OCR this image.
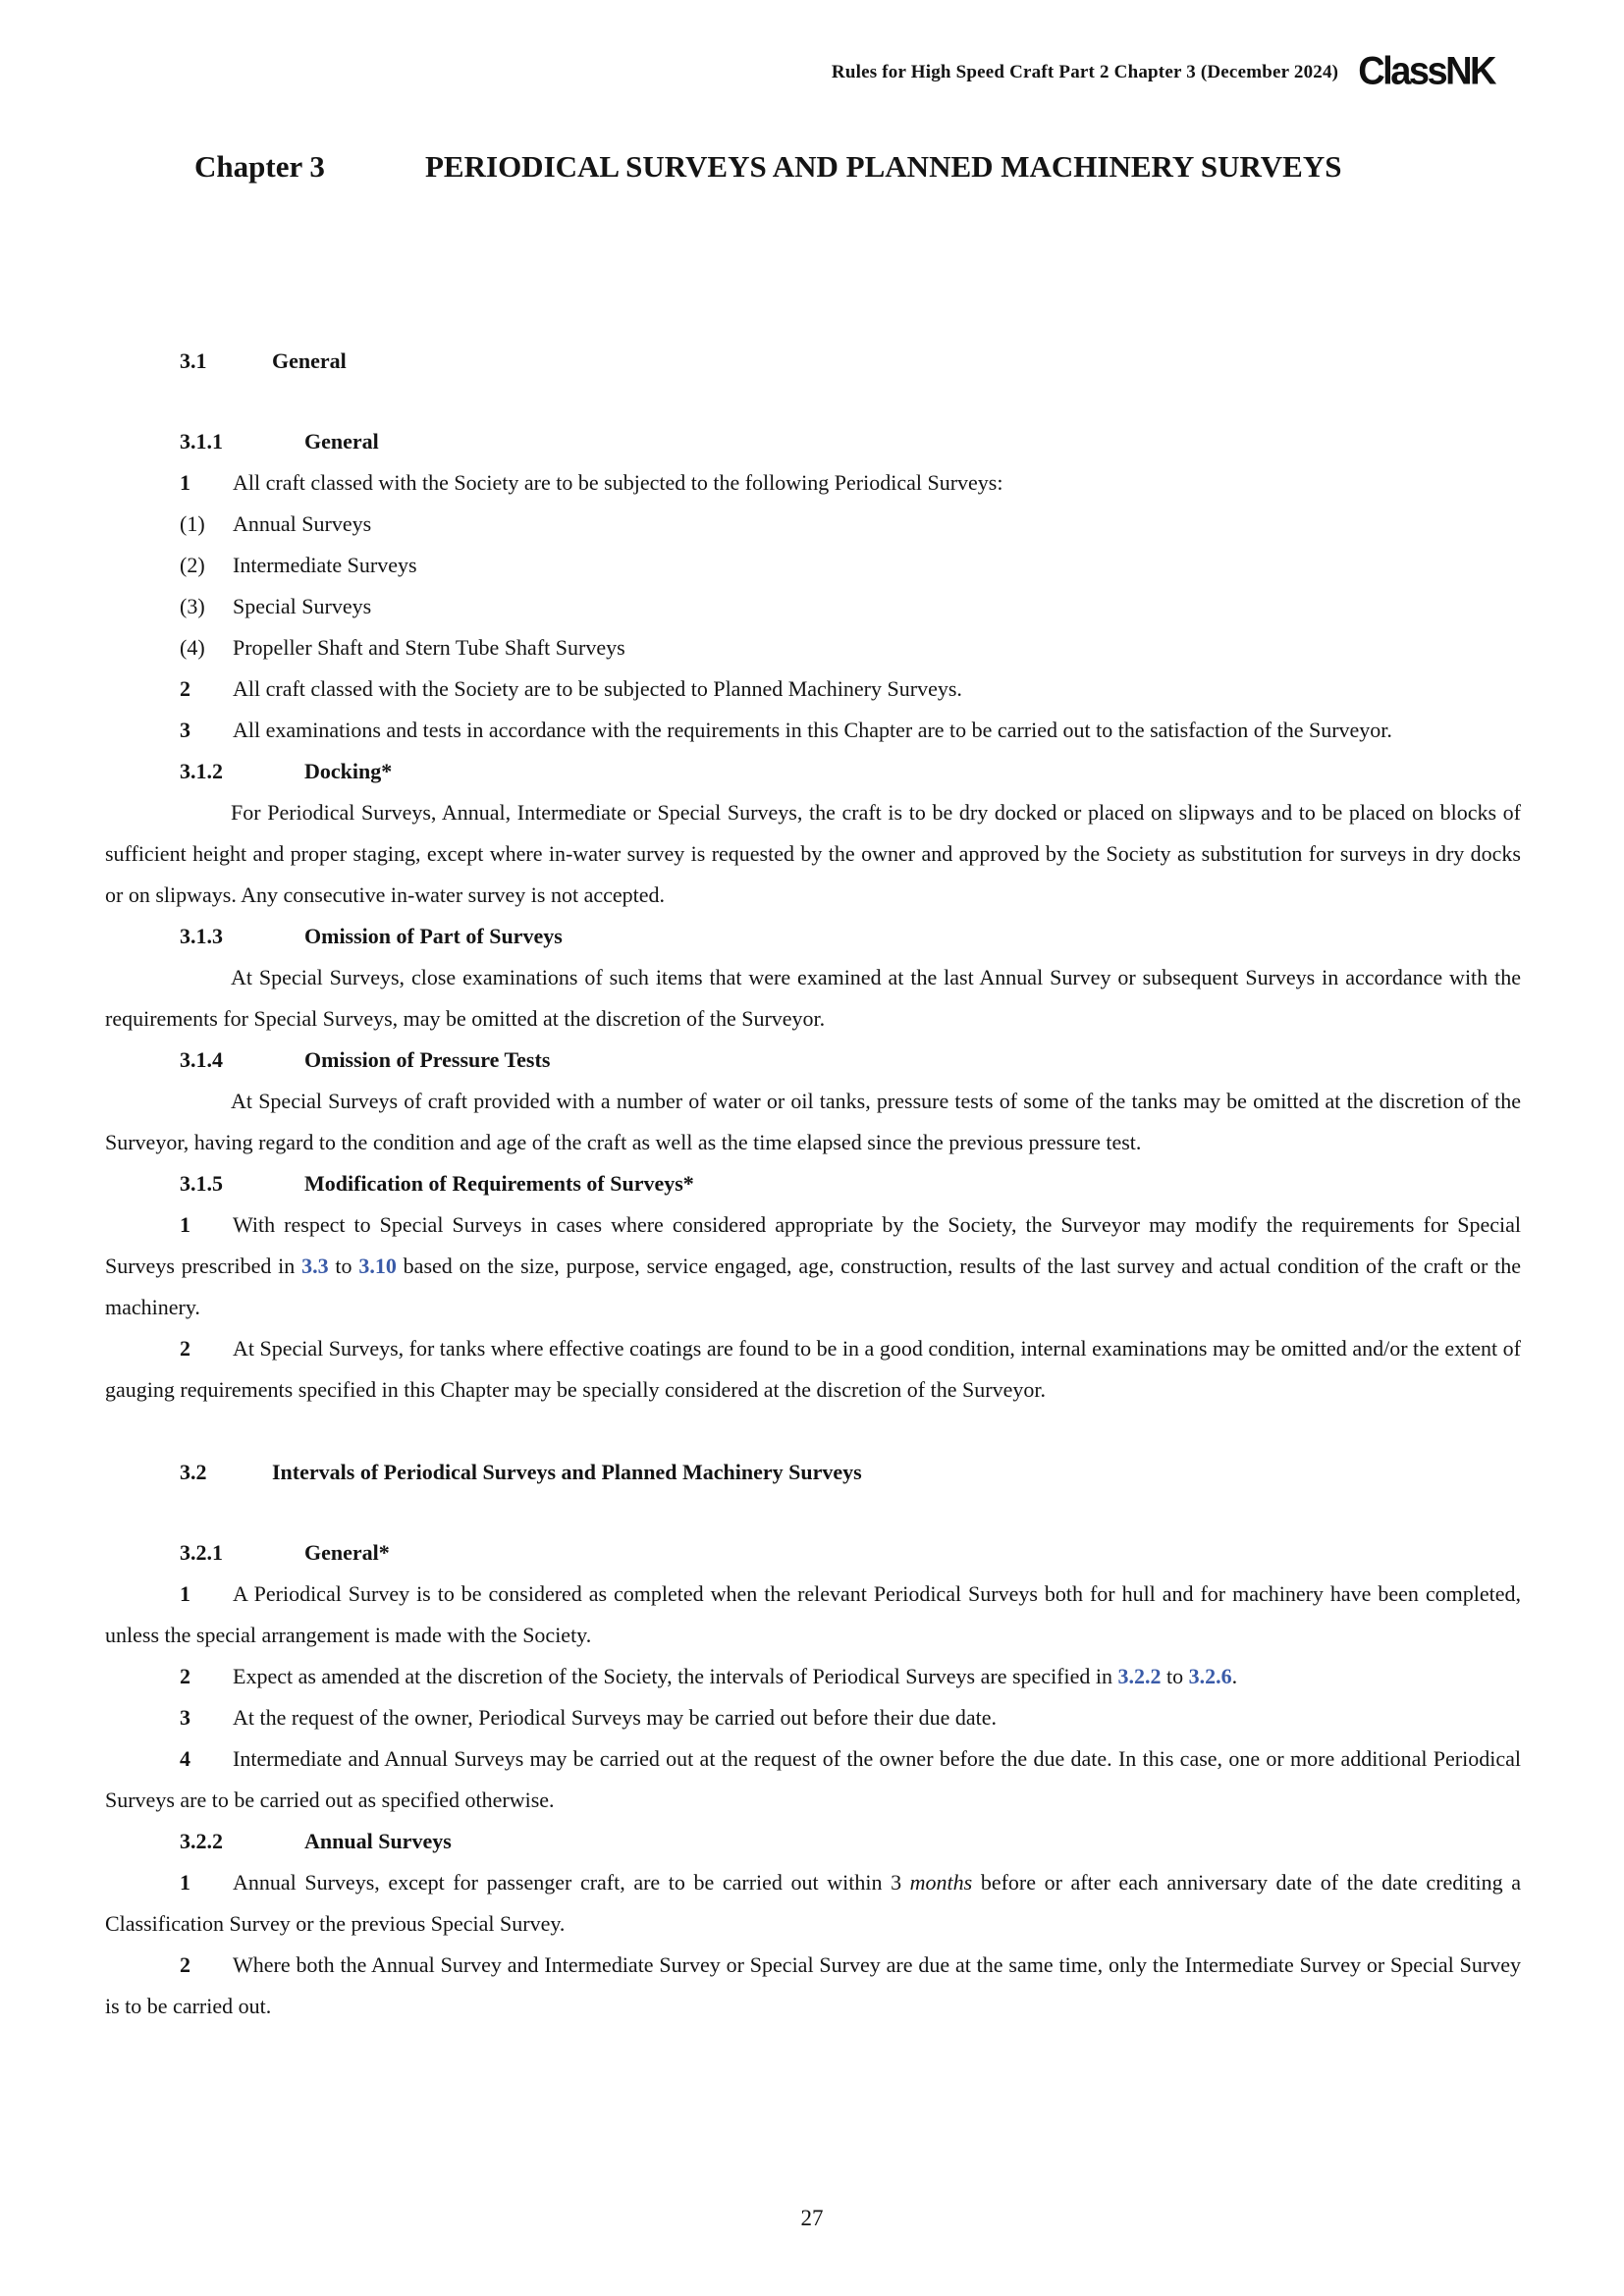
Rules for High Speed Craft Part 2 Chapter 3 (December 2024) ClassNK
Chapter 3	PERIODICAL SURVEYS AND PLANNED MACHINERY SURVEYS
3.1	General
3.1.1	General

1 All craft classed with the Society are to be subjected to the following Periodical Surveys:

(1) Annual Surveys

(2) Intermediate Surveys

(3) Special Surveys

(4) Propeller Shaft and Stern Tube Shaft Surveys

2 All craft classed with the Society are to be subjected to Planned Machinery Surveys.

3 All examinations and tests in accordance with the requirements in this Chapter are to be carried out to the satisfaction of the Surveyor.

3.1.2	Docking*

For Periodical Surveys, Annual, Intermediate or Special Surveys, the craft is to be dry docked or placed on slipways and to be placed on blocks of sufficient height and proper staging, except where in-water survey is requested by the owner and approved by the Society as substitution for surveys in dry docks or on slipways. Any consecutive in-water survey is not accepted.

3.1.3	Omission of Part of Surveys

At Special Surveys, close examinations of such items that were examined at the last Annual Survey or subsequent Surveys in accordance with the requirements for Special Surveys, may be omitted at the discretion of the Surveyor.

3.1.4	Omission of Pressure Tests

At Special Surveys of craft provided with a number of water or oil tanks, pressure tests of some of the tanks may be omitted at the discretion of the Surveyor, having regard to the condition and age of the craft as well as the time elapsed since the previous pressure test.

3.1.5	Modification of Requirements of Surveys*

1 With respect to Special Surveys in cases where considered appropriate by the Society, the Surveyor may modify the requirements for Special Surveys prescribed in 3.3 to 3.10 based on the size, purpose, service engaged, age, construction, results of the last survey and actual condition of the craft or the machinery.

2 At Special Surveys, for tanks where effective coatings are found to be in a good condition, internal examinations may be omitted and/or the extent of gauging requirements specified in this Chapter may be specially considered at the discretion of the Surveyor.

3.2	Intervals of Periodical Surveys and Planned Machinery Surveys
3.2.1	General*

1 A Periodical Survey is to be considered as completed when the relevant Periodical Surveys both for hull and for machinery have been completed, unless the special arrangement is made with the Society.

2 Expect as amended at the discretion of the Society, the intervals of Periodical Surveys are specified in 3.2.2 to 3.2.6.

3 At the request of the owner, Periodical Surveys may be carried out before their due date.

4 Intermediate and Annual Surveys may be carried out at the request of the owner before the due date. In this case, one or more additional Periodical Surveys are to be carried out as specified otherwise.

3.2.2	Annual Surveys

1 Annual Surveys, except for passenger craft, are to be carried out within 3 months before or after each anniversary date of the date crediting a Classification Survey or the previous Special Survey.

2 Where both the Annual Survey and Intermediate Survey or Special Survey are due at the same time, only the Intermediate Survey or Special Survey is to be carried out.

27
